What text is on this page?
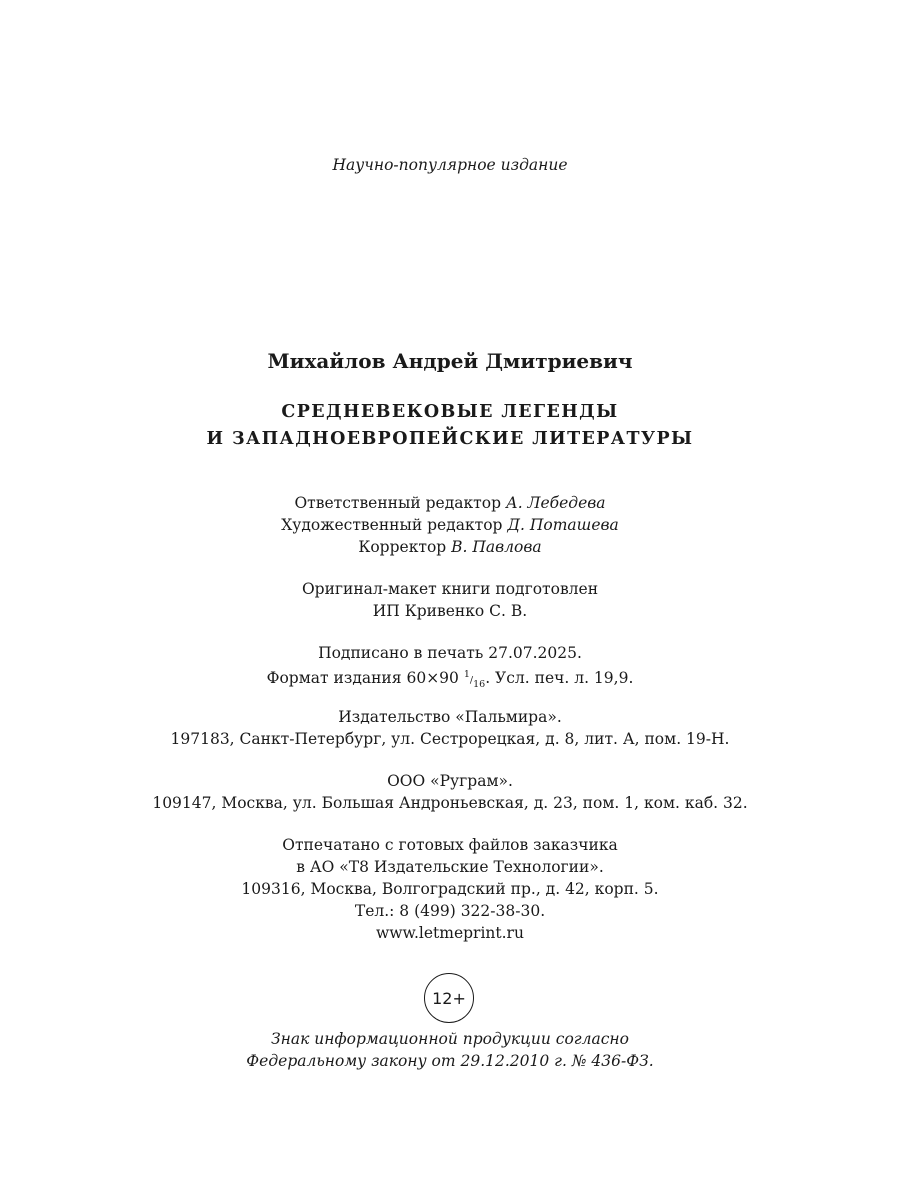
Научно-популярное издание
Михайлов Андрей Дмитриевич
СРЕДНЕВЕКОВЫЕ ЛЕГЕНДЫ
И ЗАПАДНОЕВРОПЕЙСКИЕ ЛИТЕРАТУРЫ
Ответственный редактор А. Лебедева
Художественный редактор Д. Поташева
Корректор В. Павлова
Оригинал-макет книги подготовлен
ИП Кривенко С. В.
Подписано в печать 27.07.2025.
Формат издания 60×90 $^1/_{16}$. Усл. печ. л. 19,9.
Издательство «Пальмира».
197183, Санкт-Петербург, ул. Сестрорецкая, д. 8, лит. А, пом. 19-Н.
ООО «Руграм».
109147, Москва, ул. Большая Андроньевская, д. 23, пом. 1, ком. каб. 32.
Отпечатано с готовых файлов заказчика
в АО «Т8 Издательские Технологии».
109316, Москва, Волгоградский пр., д. 42, корп. 5.
Тел.: 8 (499) 322-38-30.
www.letmeprint.ru
12+
Знак информационной продукции согласно
Федеральному закону от 29.12.2010 г. № 436-ФЗ.
